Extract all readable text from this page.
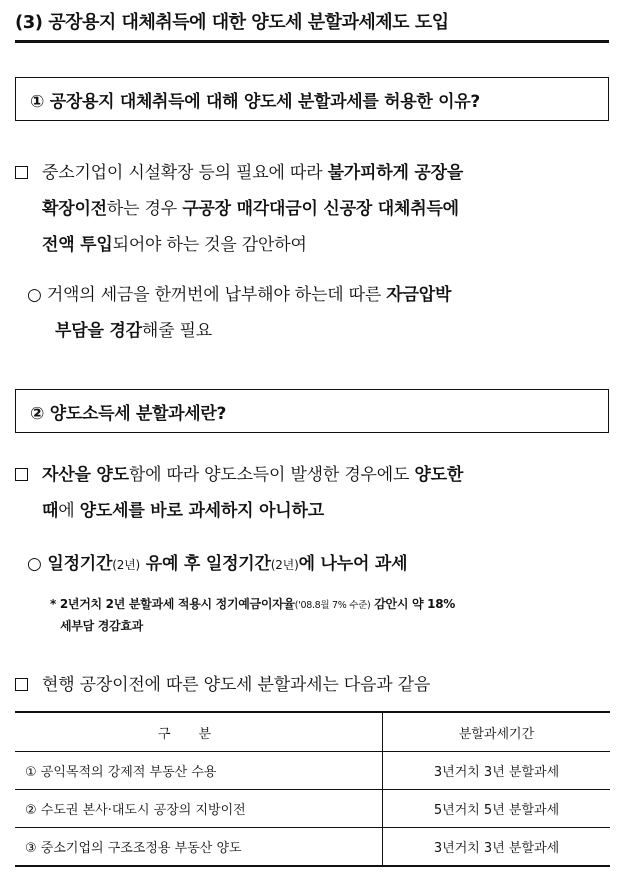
(3) 공장용지 대체취득에 대한 양도세 분할과세제도 도입
① 공장용지 대체취득에 대해 양도세 분할과세를 허용한 이유?
중소기업이 시설확장 등의 필요에 따라 불가피하게 공장을
확장이전하는 경우 구공장 매각대금이 신공장 대체취득에
전액 투입되어야 하는 것을 감안하여
○ 거액의 세금을 한꺼번에 납부해야 하는데 따른 자금압박
부담을 경감해줄 필요
② 양도소득세 분할과세란?
자산을 양도함에 따라 양도소득이 발생한 경우에도 양도한
때에 양도세를 바로 과세하지 아니하고
○ 일정기간(2년) 유예 후 일정기간(2년)에 나누어 과세
* 2년거치 2년 분할과세 적용시 정기예금이자율('08.8월 7% 수준) 감안시 약 18%
세부담 경감효과
현행 공장이전에 따른 양도세 분할과세는 다음과 같음
구분	분할과세기간
① 공익목적의 강제적 부동산 수용	3년거치 3년 분할과세
② 수도권 본사·대도시 공장의 지방이전	5년거치 5년 분할과세
③ 중소기업의 구조조정용 부동산 양도	3년거치 3년 분할과세
